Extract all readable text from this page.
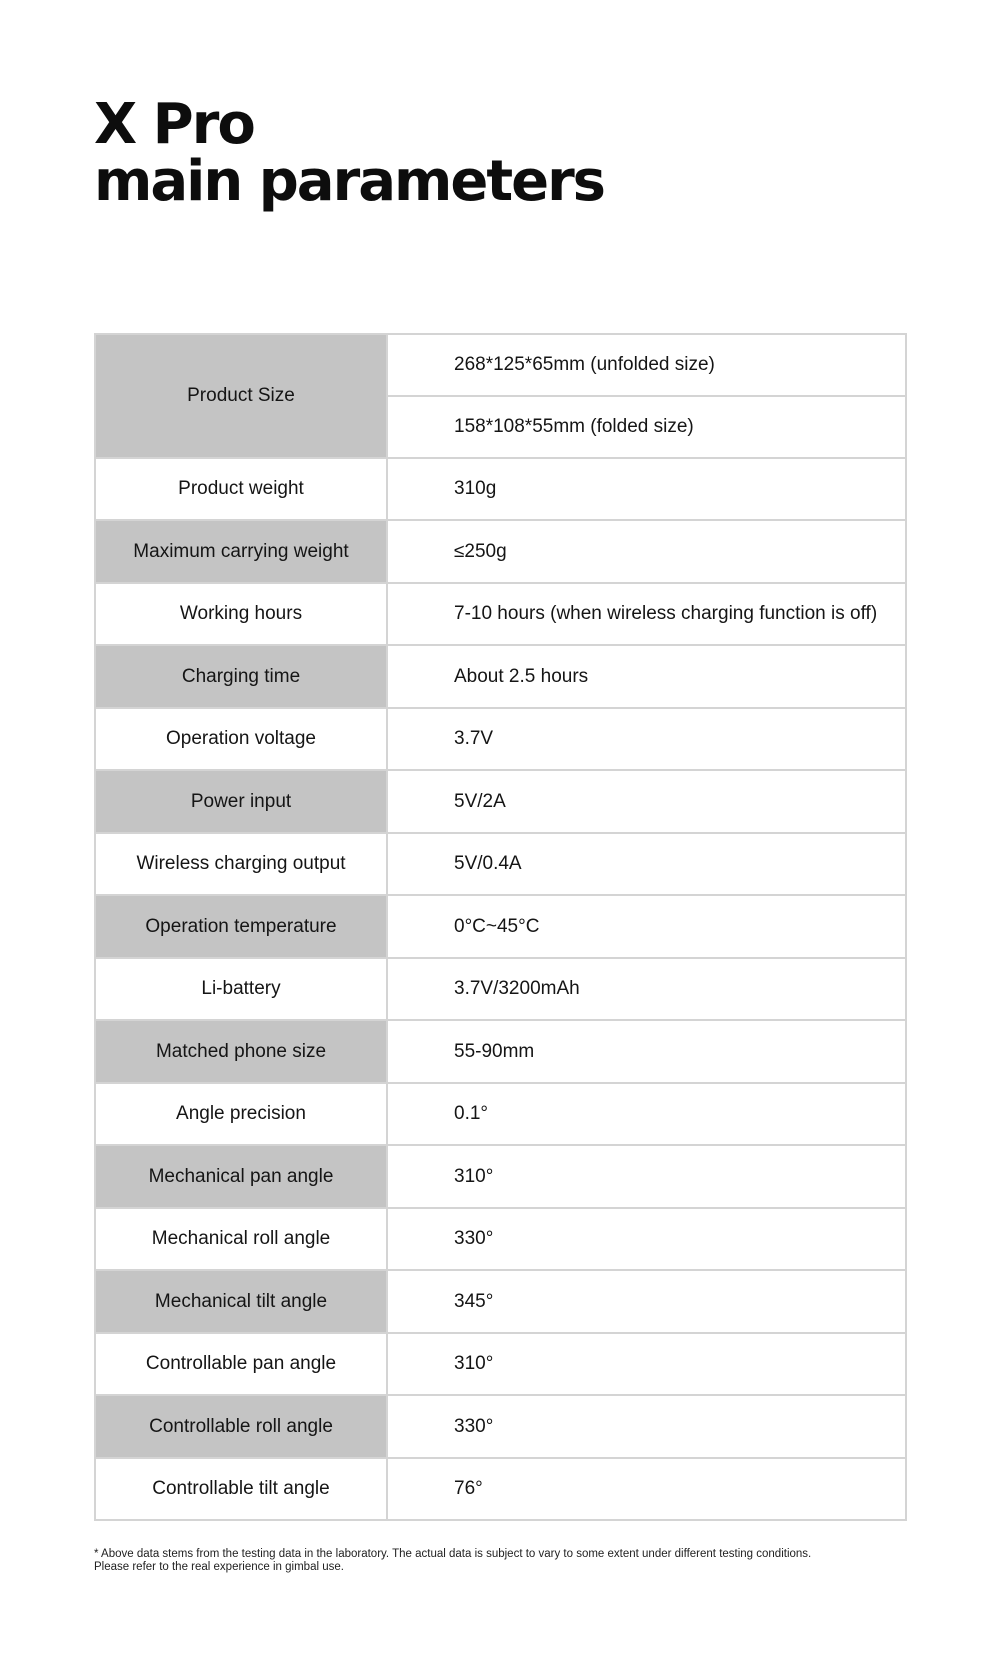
X Pro
main parameters
Product Size	268*125*65mm (unfolded size)
	158*108*55mm (folded size)
Product weight	310g
Maximum carrying weight	≤250g
Working hours	7-10 hours (when wireless charging function is off)
Charging time	About 2.5 hours
Operation voltage	3.7V
Power input	5V/2A
Wireless charging output	5V/0.4A
Operation temperature	0°C~45°C
Li-battery	3.7V/3200mAh
Matched phone size	55-90mm
Angle precision	0.1°
Mechanical pan angle	310°
Mechanical roll angle	330°
Mechanical tilt angle	345°
Controllable pan angle	310°
Controllable roll angle	330°
Controllable tilt angle	76°

* Above data stems from the testing data in the laboratory. The actual data is subject to vary to some extent under different testing conditions.
Please refer to the real experience in gimbal use.
